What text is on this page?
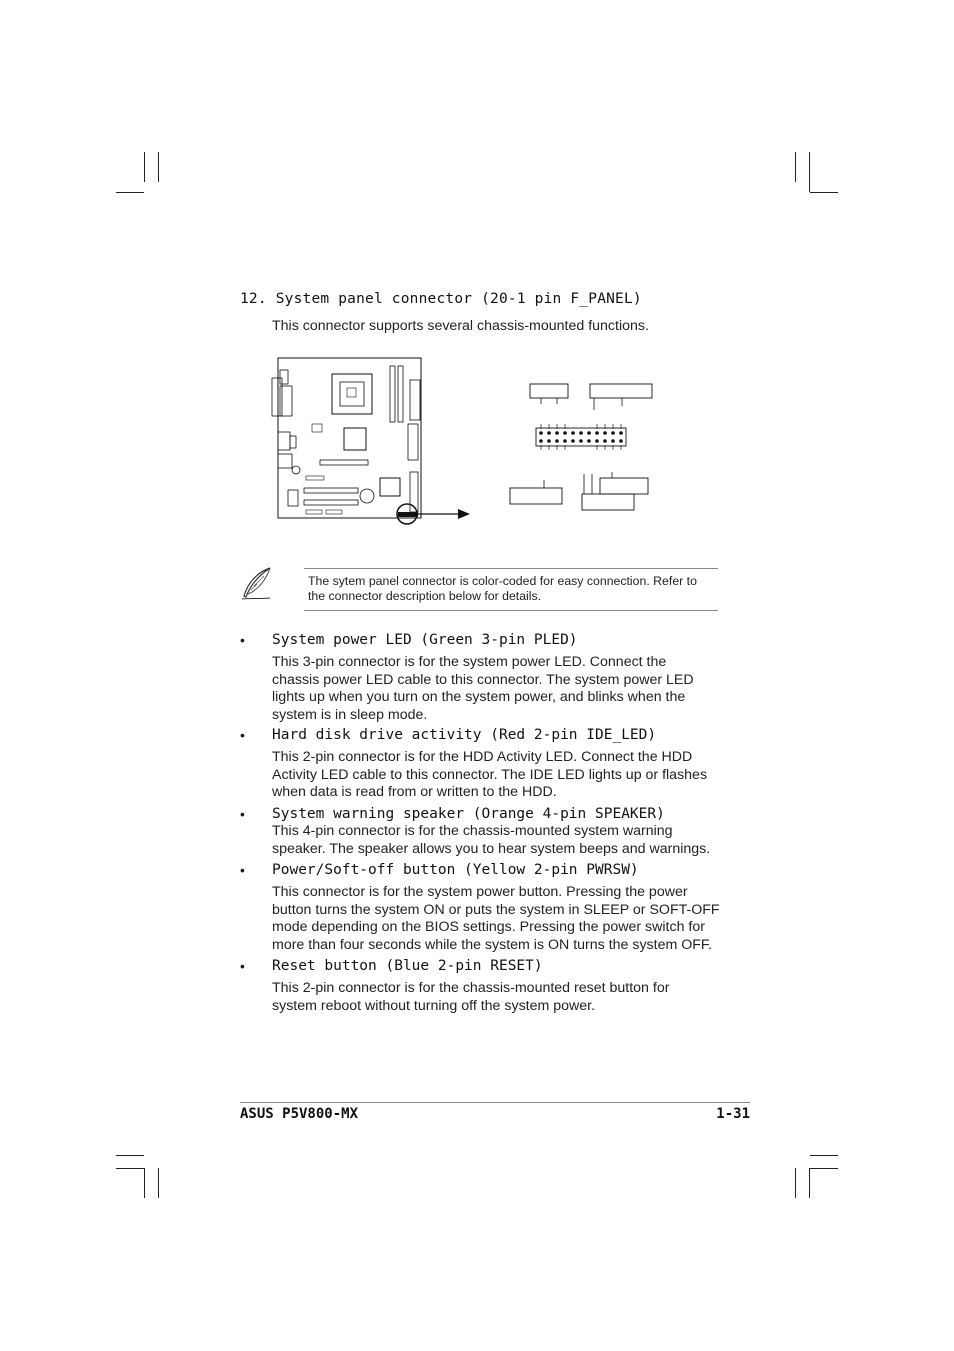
12. System panel connector (20-1 pin F_PANEL)
This connector supports several chassis-mounted functions.
The sytem panel connector is color-coded for easy connection. Refer to
the connector description below for details.
• System power LED (Green 3-pin PLED)
This 3-pin connector is for the system power LED. Connect the
chassis power LED cable to this connector. The system power LED
lights up when you turn on the system power, and blinks when the
system is in sleep mode.
• Hard disk drive activity (Red 2-pin IDE_LED)
This 2-pin connector is for the HDD Activity LED. Connect the HDD
Activity LED cable to this connector. The IDE LED lights up or flashes
when data is read from or written to the HDD.
• System warning speaker (Orange 4-pin SPEAKER)
This 4-pin connector is for the chassis-mounted system warning
speaker. The speaker allows you to hear system beeps and warnings.
• Power/Soft-off button (Yellow 2-pin PWRSW)
This connector is for the system power button. Pressing the power
button turns the system ON or puts the system in SLEEP or SOFT-OFF
mode depending on the BIOS settings. Pressing the power switch for
more than four seconds while the system is ON turns the system OFF.
• Reset button (Blue 2-pin RESET)
This 2-pin connector is for the chassis-mounted reset button for
system reboot without turning off the system power.
ASUS P5V800-MX	1-31
